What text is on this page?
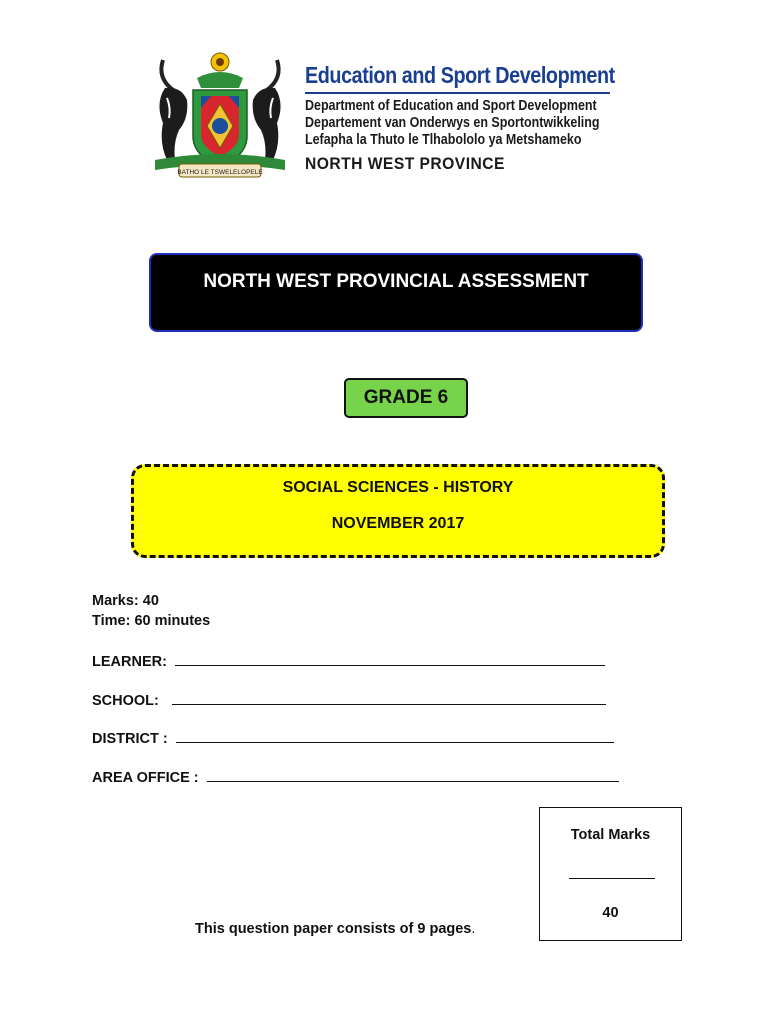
BATHO LE TSWELELOPELE
Education and Sport Development
Department of Education and Sport Development
Departement van Onderwys en Sportontwikkeling
Lefapha la Thuto le Tlhabololo ya Metshameko
NORTH WEST PROVINCE
NORTH WEST PROVINCIAL ASSESSMENT
GRADE 6
SOCIAL SCIENCES - HISTORY
NOVEMBER 2017
Marks: 40
Time: 60 minutes
LEARNER:
SCHOOL:
DISTRICT :
AREA OFFICE :
Total Marks
40
This question paper consists of 9 pages.
